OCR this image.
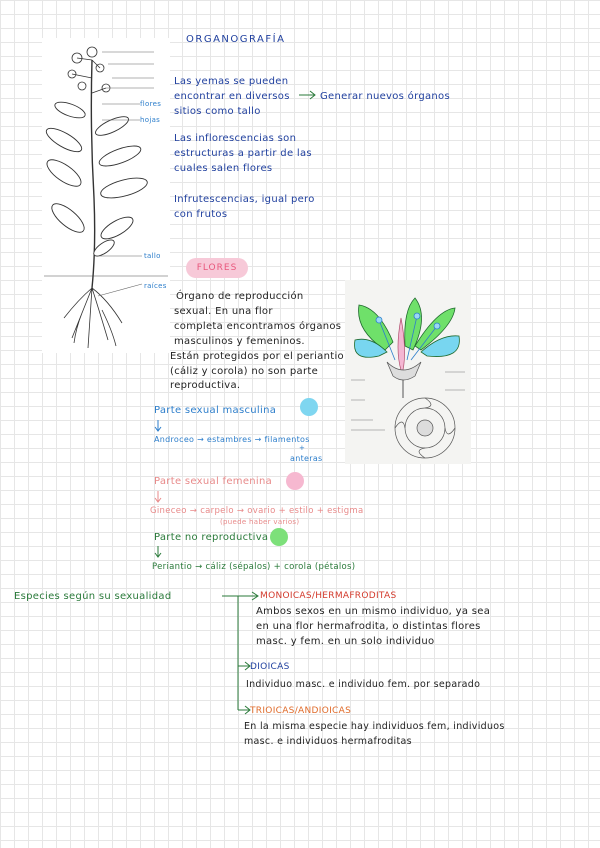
ORGANOGRAFÍA
flores
hojas
tallo
raíces
Las yemas se pueden
encontrar en diversos
sitios como tallo
Generar nuevos órganos
Las inflorescencias son
estructuras a partir de las
cuales salen flores
Infrutescencias, igual pero
con frutos
FLORES
Órgano de reproducción
sexual. En una flor
completa encontramos órganos
masculinos y femeninos.
Están protegidos por el periantio
(cáliz y corola) no son parte
reproductiva.
Parte sexual masculina
Androceo → estambres → filamentos
+
anteras
Parte sexual femenina
Gineceo → carpelo → ovario + estilo + estigma
(puede haber varios)
Parte no reproductiva
Periantio → cáliz (sépalos) + corola (pétalos)
Especies según su sexualidad	MONOICAS/HERMAFRODITAS
Ambos sexos en un mismo individuo, ya sea
en una flor hermafrodita, o distintas flores
masc. y fem. en un solo individuo
DIOICAS
Individuo masc. e individuo fem. por separado
TRIOICAS/ANDIOICAS
En la misma especie hay individuos fem, individuos
masc. e individuos hermafroditas
